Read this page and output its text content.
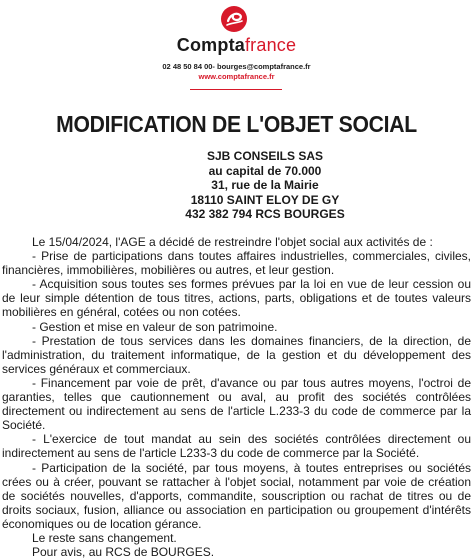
Comptafrance
02 48 50 84 00- bourges@comptafrance.fr
www.comptafrance.fr
MODIFICATION DE L'OBJET SOCIAL
SJB CONSEILS SAS
au capital de 70.000
31, rue de la Mairie
18110 SAINT ELOY DE GY
432 382 794 RCS BOURGES

Le 15/04/2024, l'AGE a décidé de restreindre l'objet social aux activités de :

- Prise de participations dans toutes affaires industrielles, commerciales, civiles, financières, immobilières, mobilières ou autres, et leur gestion.

- Acquisition sous toutes ses formes prévues par la loi en vue de leur cession ou de leur simple détention de tous titres, actions, parts, obligations et de toutes valeurs mobilières en général, cotées ou non cotées.

- Gestion et mise en valeur de son patrimoine.

- Prestation de tous services dans les domaines financiers, de la direction, de l'administration, du traitement informatique, de la gestion et du développement des services généraux et commerciaux.

- Financement par voie de prêt, d'avance ou par tous autres moyens, l'octroi de garanties, telles que cautionnement ou aval, au profit des sociétés contrôlées directement ou indirectement au sens de l'article L.233-3 du code de commerce par la Société.

- L'exercice de tout mandat au sein des sociétés contrôlées directement ou indirectement au sens de l'article L233-3 du code de commerce par la Société.

- Participation de la société, par tous moyens, à toutes entreprises ou sociétés crées ou à créer, pouvant se rattacher à l'objet social, notamment par voie de création de sociétés nouvelles, d'apports, commandite, souscription ou rachat de titres ou de droits sociaux, fusion, alliance ou association en participation ou groupement d'intérêts économiques ou de location gérance.

Le reste sans changement.

Pour avis, au RCS de BOURGES.
